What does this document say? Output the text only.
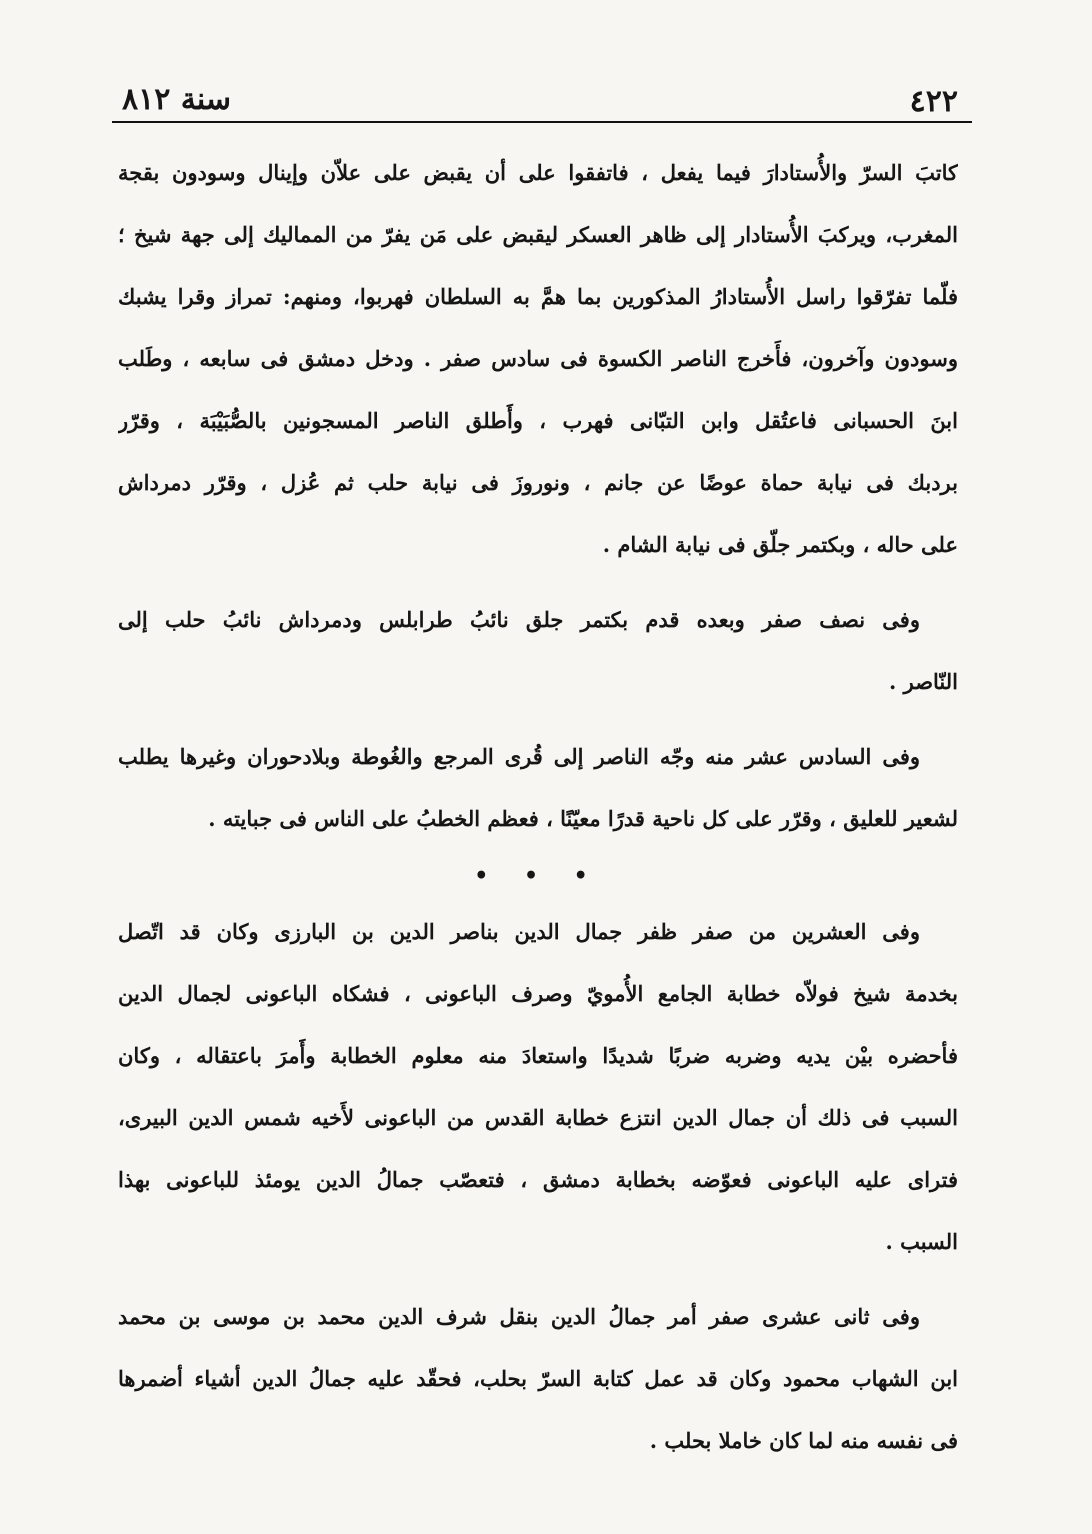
٤٢٢
سنة ٨١٢
كاتبَ السرّ والأُستادارَ فيما يفعل ، فاتفقوا على أن يقبض على علاّن وإينال وسودون بقجة
المغرب، ويركبَ الأُستادار إلى ظاهر العسكر ليقبض على مَن يفرّ من المماليك إلى جهة شيخ ؛
فلّما تفرّقوا راسل الأُستادارُ المذكورين بما همَّ به السلطان فهربوا، ومنهم: تمراز وقرا يشبك
وسودون وآخرون، فأَخرج الناصر الكسوة فى سادس صفر . ودخل دمشق فى سابعه ، وطَلب
ابنَ الحسبانى فاعتُقل وابن التبّانى فهرب ، وأَطلق الناصر المسجونين بالصُّبَيْبَة ، وقرّر
بردبك فى نيابة حماة عوضًا عن جانم ، ونوروزَ فى نيابة حلب ثم عُزل ، وقرّر دمرداش
على حاله ، وبكتمر جلّق فى نيابة الشام .
وفى نصف صفر وبعده قدم بكتمر جلق نائبُ طرابلس ودمرداش نائبُ حلب إلى
النّاصر .
وفى السادس عشر منه وجّه الناصر إلى قُرى المرجع والغُوطة وبلادحوران وغيرها يطلب
لشعير للعليق ، وقرّر على كل ناحية قدرًا معيّنًا ، فعظم الخطبُ على الناس فى جبايته .
• • •
وفى العشرين من صفر ظفر جمال الدين بناصر الدين بن البارزى وكان قد اتّصل
بخدمة شيخ فولاّه خطابة الجامع الأُمويّ وصرف الباعونى ، فشكاه الباعونى لجمال الدين
فأحضره بيْن يديه وضربه ضربًا شديدًا واستعادَ منه معلوم الخطابة وأَمرَ باعتقاله ، وكان
السبب فى ذلك أن جمال الدين انتزع خطابة القدس من الباعونى لأَخيه شمس الدين البيرى،
فتراى عليه الباعونى فعوّضه بخطابة دمشق ، فتعصّب جمالُ الدين يومئذ للباعونى بهذا
السبب .
وفى ثانى عشرى صفر أمر جمالُ الدين بنقل شرف الدين محمد بن موسى بن محمد
ابن الشهاب محمود وكان قد عمل كتابة السرّ بحلب، فحقّد عليه جمالُ الدين أشياء أضمرها
فى نفسه منه لما كان خاملا بحلب .
